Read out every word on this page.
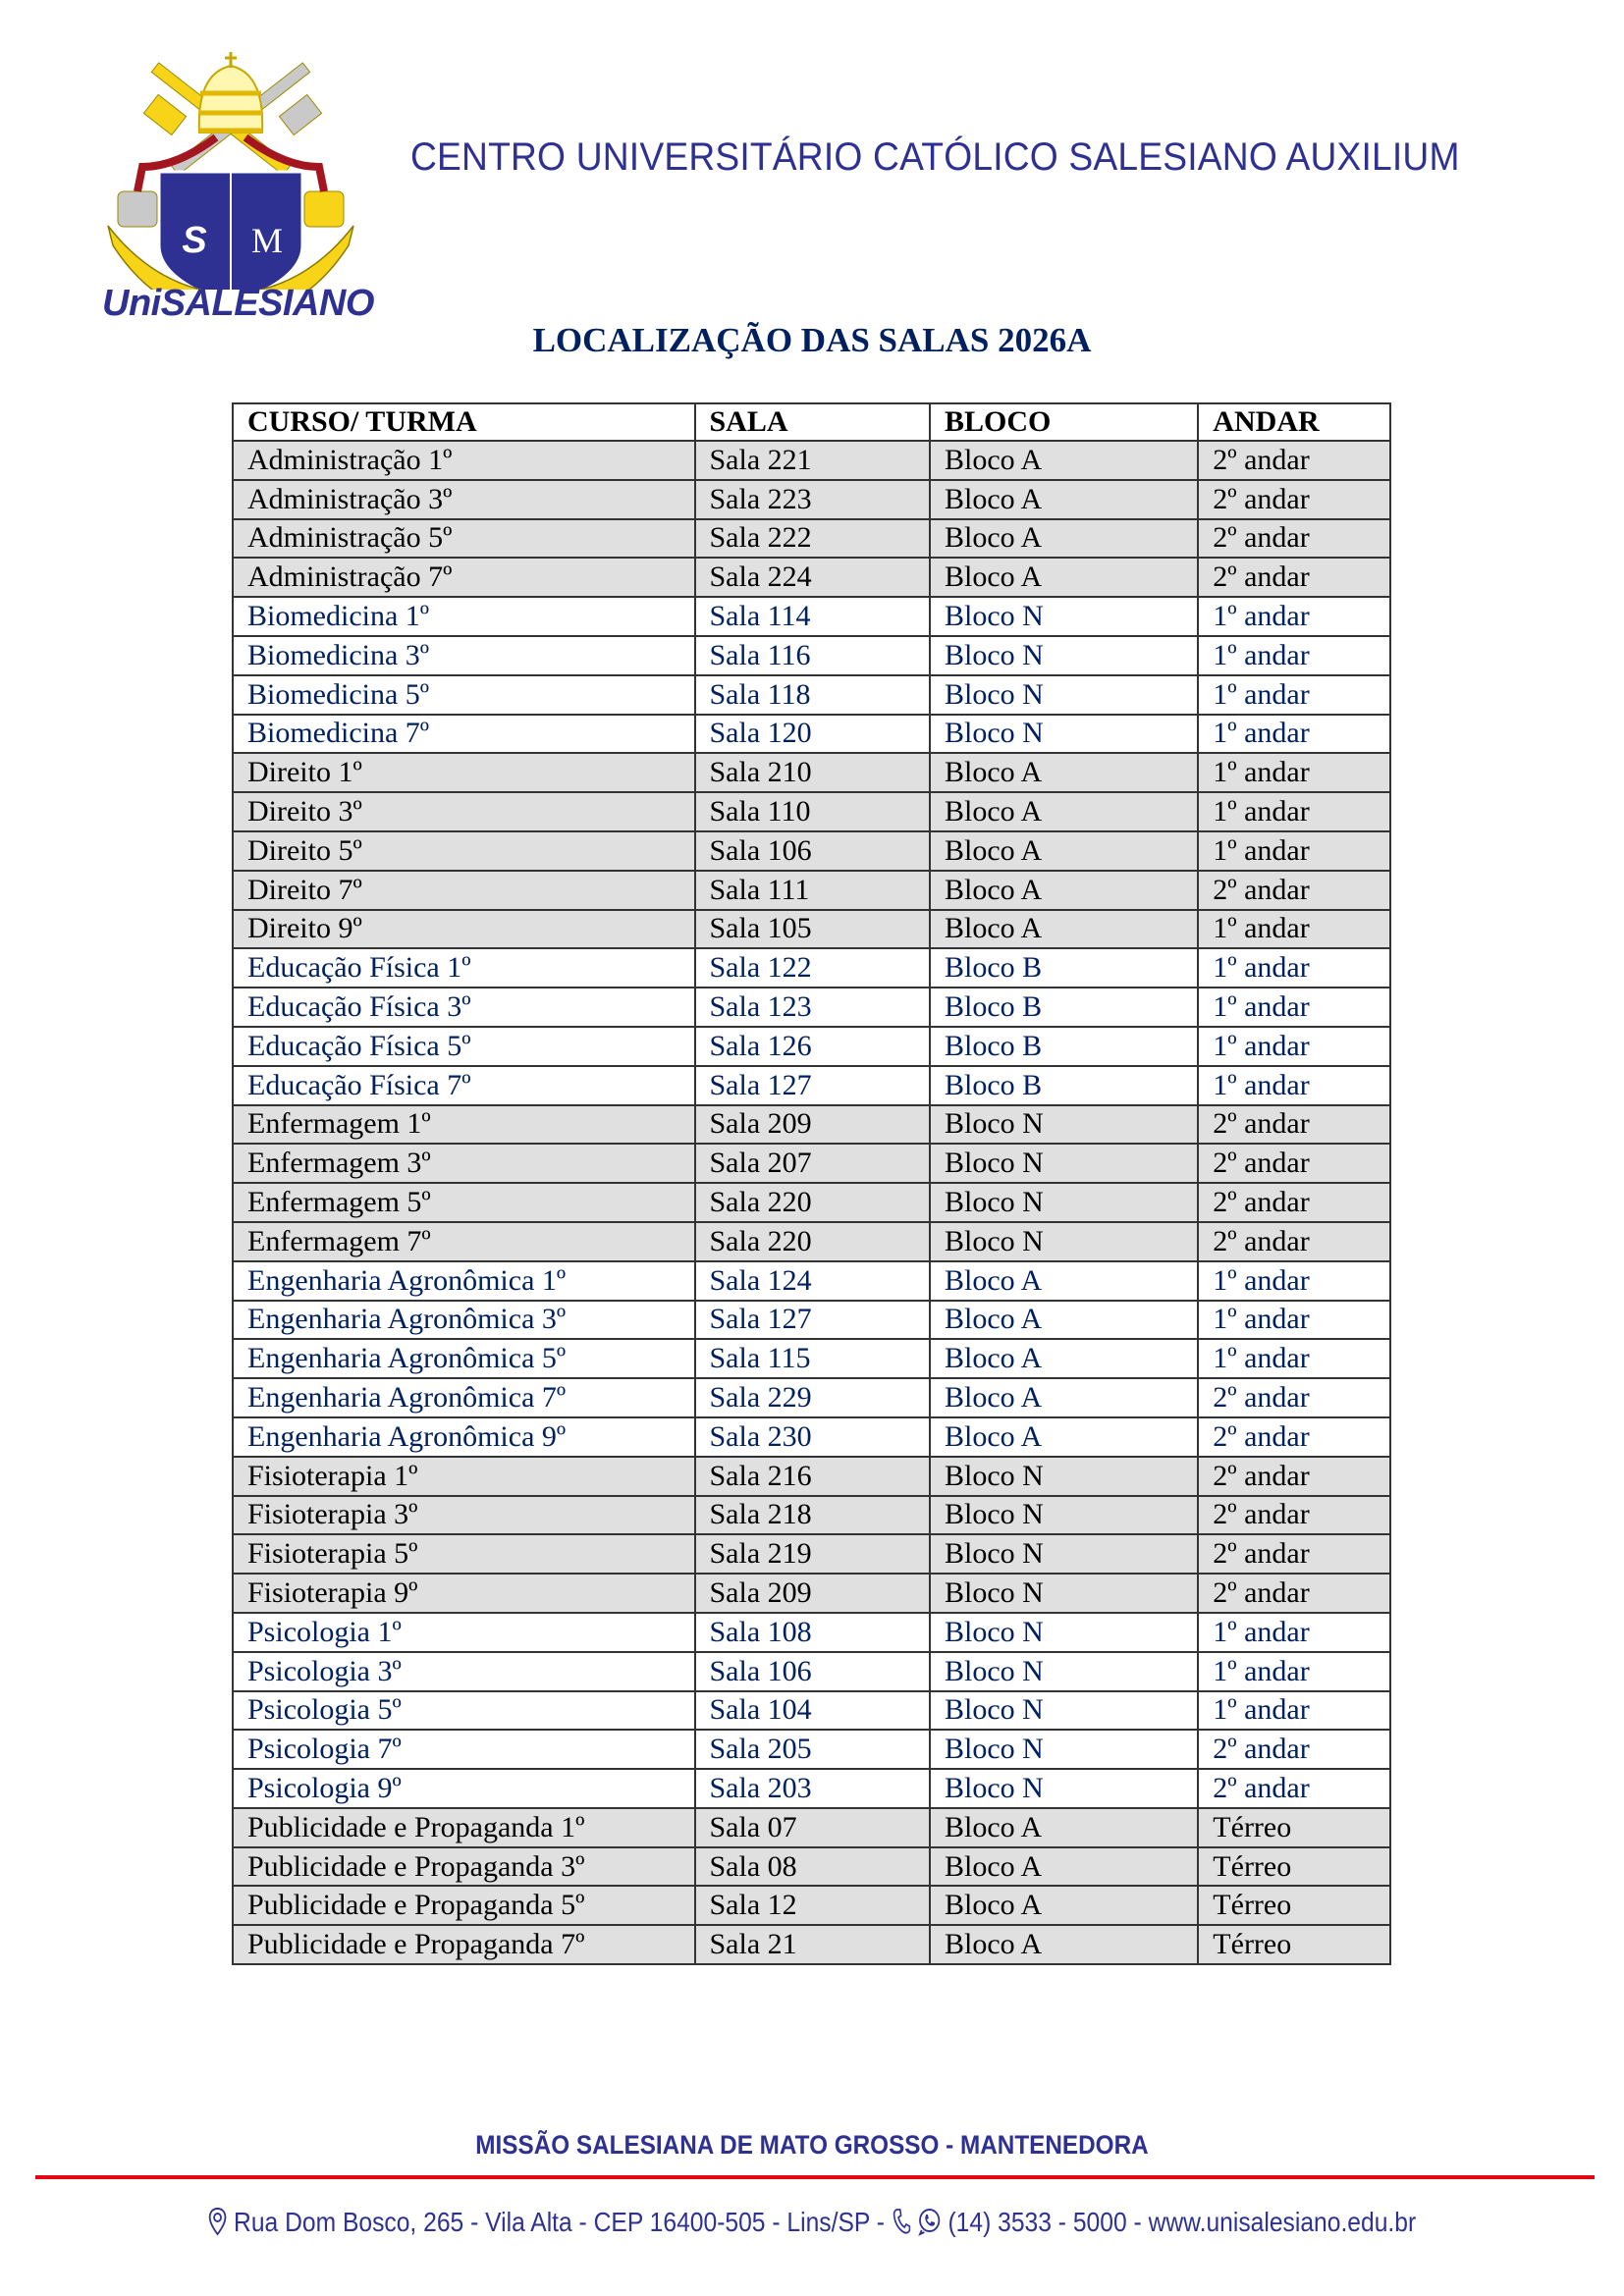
S M
UniSALESIANO
CENTRO UNIVERSITÁRIO CATÓLICO SALESIANO AUXILIUM
LOCALIZAÇÃO DAS SALAS 2026A
CURSO/ TURMA	SALA	BLOCO	ANDAR
Administração 1º	Sala 221	Bloco A	2º andar
Administração 3º	Sala 223	Bloco A	2º andar
Administração 5º	Sala 222	Bloco A	2º andar
Administração 7º	Sala 224	Bloco A	2º andar
Biomedicina 1º	Sala 114	Bloco N	1º andar
Biomedicina 3º	Sala 116	Bloco N	1º andar
Biomedicina 5º	Sala 118	Bloco N	1º andar
Biomedicina 7º	Sala 120	Bloco N	1º andar
Direito 1º	Sala 210	Bloco A	1º andar
Direito 3º	Sala 110	Bloco A	1º andar
Direito 5º	Sala 106	Bloco A	1º andar
Direito 7º	Sala 111	Bloco A	2º andar
Direito 9º	Sala 105	Bloco A	1º andar
Educação Física 1º	Sala 122	Bloco B	1º andar
Educação Física 3º	Sala 123	Bloco B	1º andar
Educação Física 5º	Sala 126	Bloco B	1º andar
Educação Física 7º	Sala 127	Bloco B	1º andar
Enfermagem 1º	Sala 209	Bloco N	2º andar
Enfermagem 3º	Sala 207	Bloco N	2º andar
Enfermagem 5º	Sala 220	Bloco N	2º andar
Enfermagem 7º	Sala 220	Bloco N	2º andar
Engenharia Agronômica 1º	Sala 124	Bloco A	1º andar
Engenharia Agronômica 3º	Sala 127	Bloco A	1º andar
Engenharia Agronômica 5º	Sala 115	Bloco A	1º andar
Engenharia Agronômica 7º	Sala 229	Bloco A	2º andar
Engenharia Agronômica 9º	Sala 230	Bloco A	2º andar
Fisioterapia 1º	Sala 216	Bloco N	2º andar
Fisioterapia 3º	Sala 218	Bloco N	2º andar
Fisioterapia 5º	Sala 219	Bloco N	2º andar
Fisioterapia 9º	Sala 209	Bloco N	2º andar
Psicologia 1º	Sala 108	Bloco N	1º andar
Psicologia 3º	Sala 106	Bloco N	1º andar
Psicologia 5º	Sala 104	Bloco N	1º andar
Psicologia 7º	Sala 205	Bloco N	2º andar
Psicologia 9º	Sala 203	Bloco N	2º andar
Publicidade e Propaganda 1º	Sala 07	Bloco A	Térreo
Publicidade e Propaganda 3º	Sala 08	Bloco A	Térreo
Publicidade e Propaganda 5º	Sala 12	Bloco A	Térreo
Publicidade e Propaganda 7º	Sala 21	Bloco A	Térreo
MISSÃO SALESIANA DE MATO GROSSO - MANTENEDORA
Rua Dom Bosco, 265 - Vila Alta - CEP 16400-505 - Lins/SP - (14) 3533 - 5000 - www.unisalesiano.edu.br
